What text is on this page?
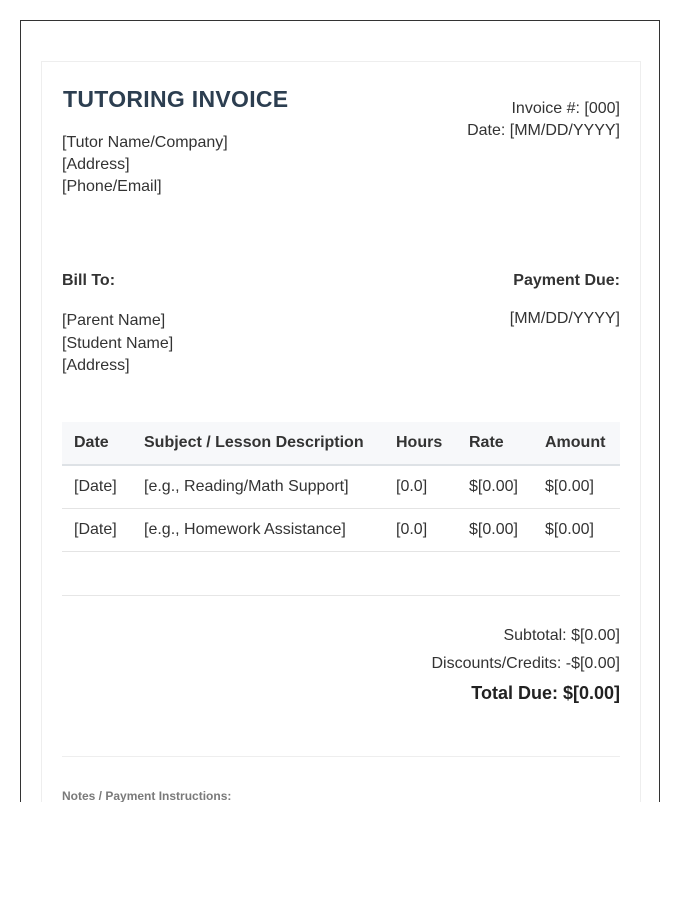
TUTORING INVOICE
[Tutor Name/Company]
[Address]
[Phone/Email]
Invoice #: [000]
Date: [MM/DD/YYYY]
Bill To:	Payment Due:
[Parent Name]
[Student Name]
[Address]
[MM/DD/YYYY]
Date	Subject / Lesson Description	Hours	Rate	Amount
[Date]	[e.g., Reading/Math Support]	[0.0]	$[0.00]	$[0.00]
[Date]	[e.g., Homework Assistance]	[0.0]	$[0.00]	$[0.00]
Subtotal: $[0.00]
Discounts/Credits: -$[0.00]
Total Due: $[0.00]
Notes / Payment Instructions:
